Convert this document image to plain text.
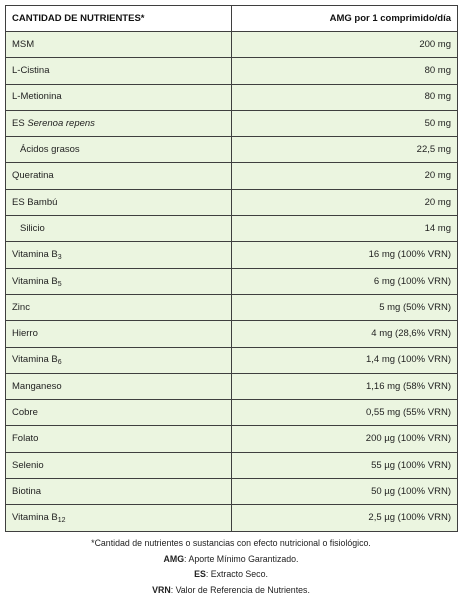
CANTIDAD DE NUTRIENTES*	AMG por 1 comprimido/día
MSM	200 mg
L-Cistina	80 mg
L-Metionina	80 mg
ES Serenoa repens	50 mg
Ácidos grasos	22,5 mg
Queratina	20 mg
ES Bambú	20 mg
Silicio	14 mg
Vitamina $B_3$	16 mg (100% VRN)
Vitamina $B_5$	6 mg (100% VRN)
Zinc	5 mg (50% VRN)
Hierro	4 mg (28,6% VRN)
Vitamina $B_6$	1,4 mg (100% VRN)
Manganeso	1,16 mg (58% VRN)
Cobre	0,55 mg (55% VRN)
Folato	200 µg (100% VRN)
Selenio	55 µg (100% VRN)
Biotina	50 µg (100% VRN)
Vitamina $B_{12}$	2,5 µg (100% VRN)
*Cantidad de nutrientes o sustancias con efecto nutricional o fisiológico.
AMG: Aporte Mínimo Garantizado.
ES: Extracto Seco.
VRN: Valor de Referencia de Nutrientes.
